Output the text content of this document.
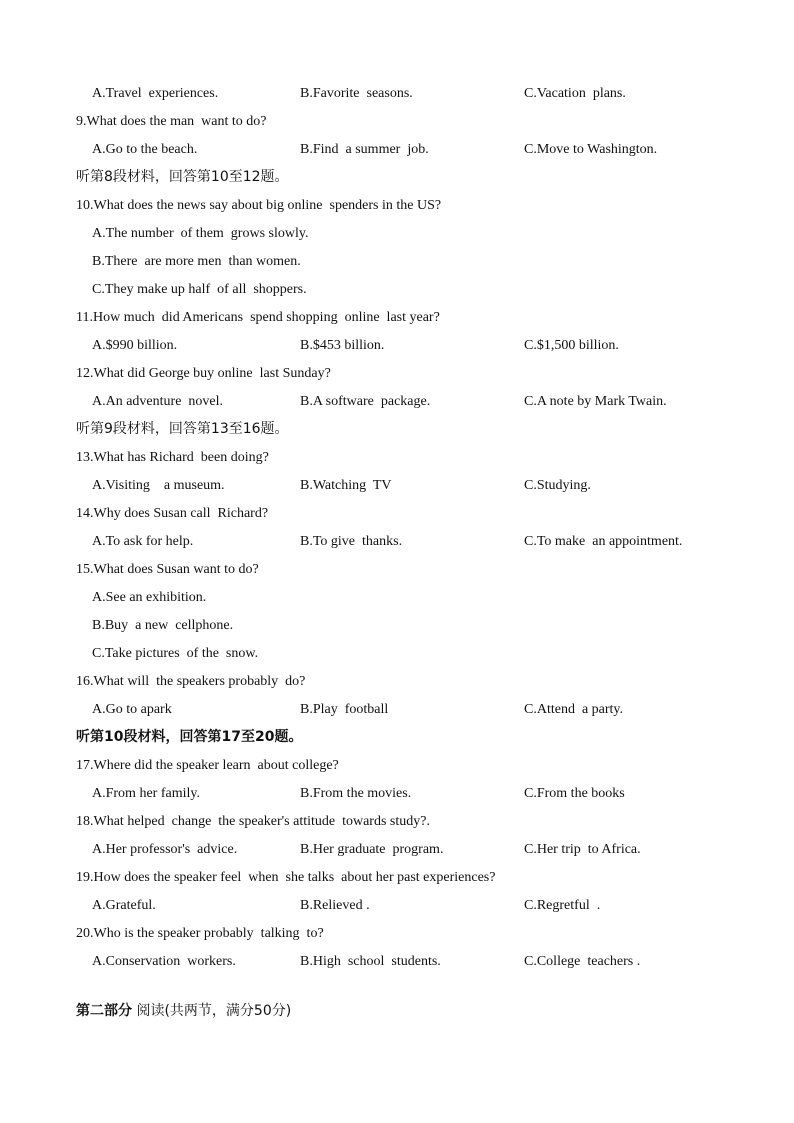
A.Travel  experiences.	B.Favorite  seasons.	C.Vacation  plans.
9.What does the man  want to do?
A.Go to the beach.	B.Find  a summer  job.	C.Move to Washington.
听第8段材料，回答第10至12题。
10.What does the news say about big online  spenders in the US?
A.The number  of them  grows slowly.
B.There  are more men  than women.
C.They make up half  of all  shoppers.
11.How much  did Americans  spend shopping  online  last year?
A.$990 billion.	B.$453 billion.	C.$1,500 billion.
12.What did George buy online  last Sunday?
A.An adventure  novel.	B.A software  package.	C.A note by Mark Twain.
听第9段材料，回答第13至16题。
13.What has Richard  been doing?
A.Visiting    a museum.	B.Watching  TV	C.Studying.
14.Why does Susan call  Richard?
A.To ask for help.	B.To give  thanks.	C.To make  an appointment.
15.What does Susan want to do?
A.See an exhibition.
B.Buy  a new  cellphone.
C.Take pictures  of the  snow.
16.What will  the speakers probably  do?
A.Go to apark	B.Play  football	C.Attend  a party.
听第10段材料，回答第17至20题。
17.Where did the speaker learn  about college?
A.From her family.	B.From the movies.	C.From the books
18.What helped  change  the speaker's attitude  towards study?.
A.Her professor's  advice.	B.Her graduate  program.	C.Her trip  to Africa.
19.How does the speaker feel  when  she talks  about her past experiences?
A.Grateful.	B.Relieved .	C.Regretful  .
20.Who is the speaker probably  talking  to?
A.Conservation  workers.	B.High  school  students.	C.College  teachers .
第二部分 阅读(共两节，满分50分)
